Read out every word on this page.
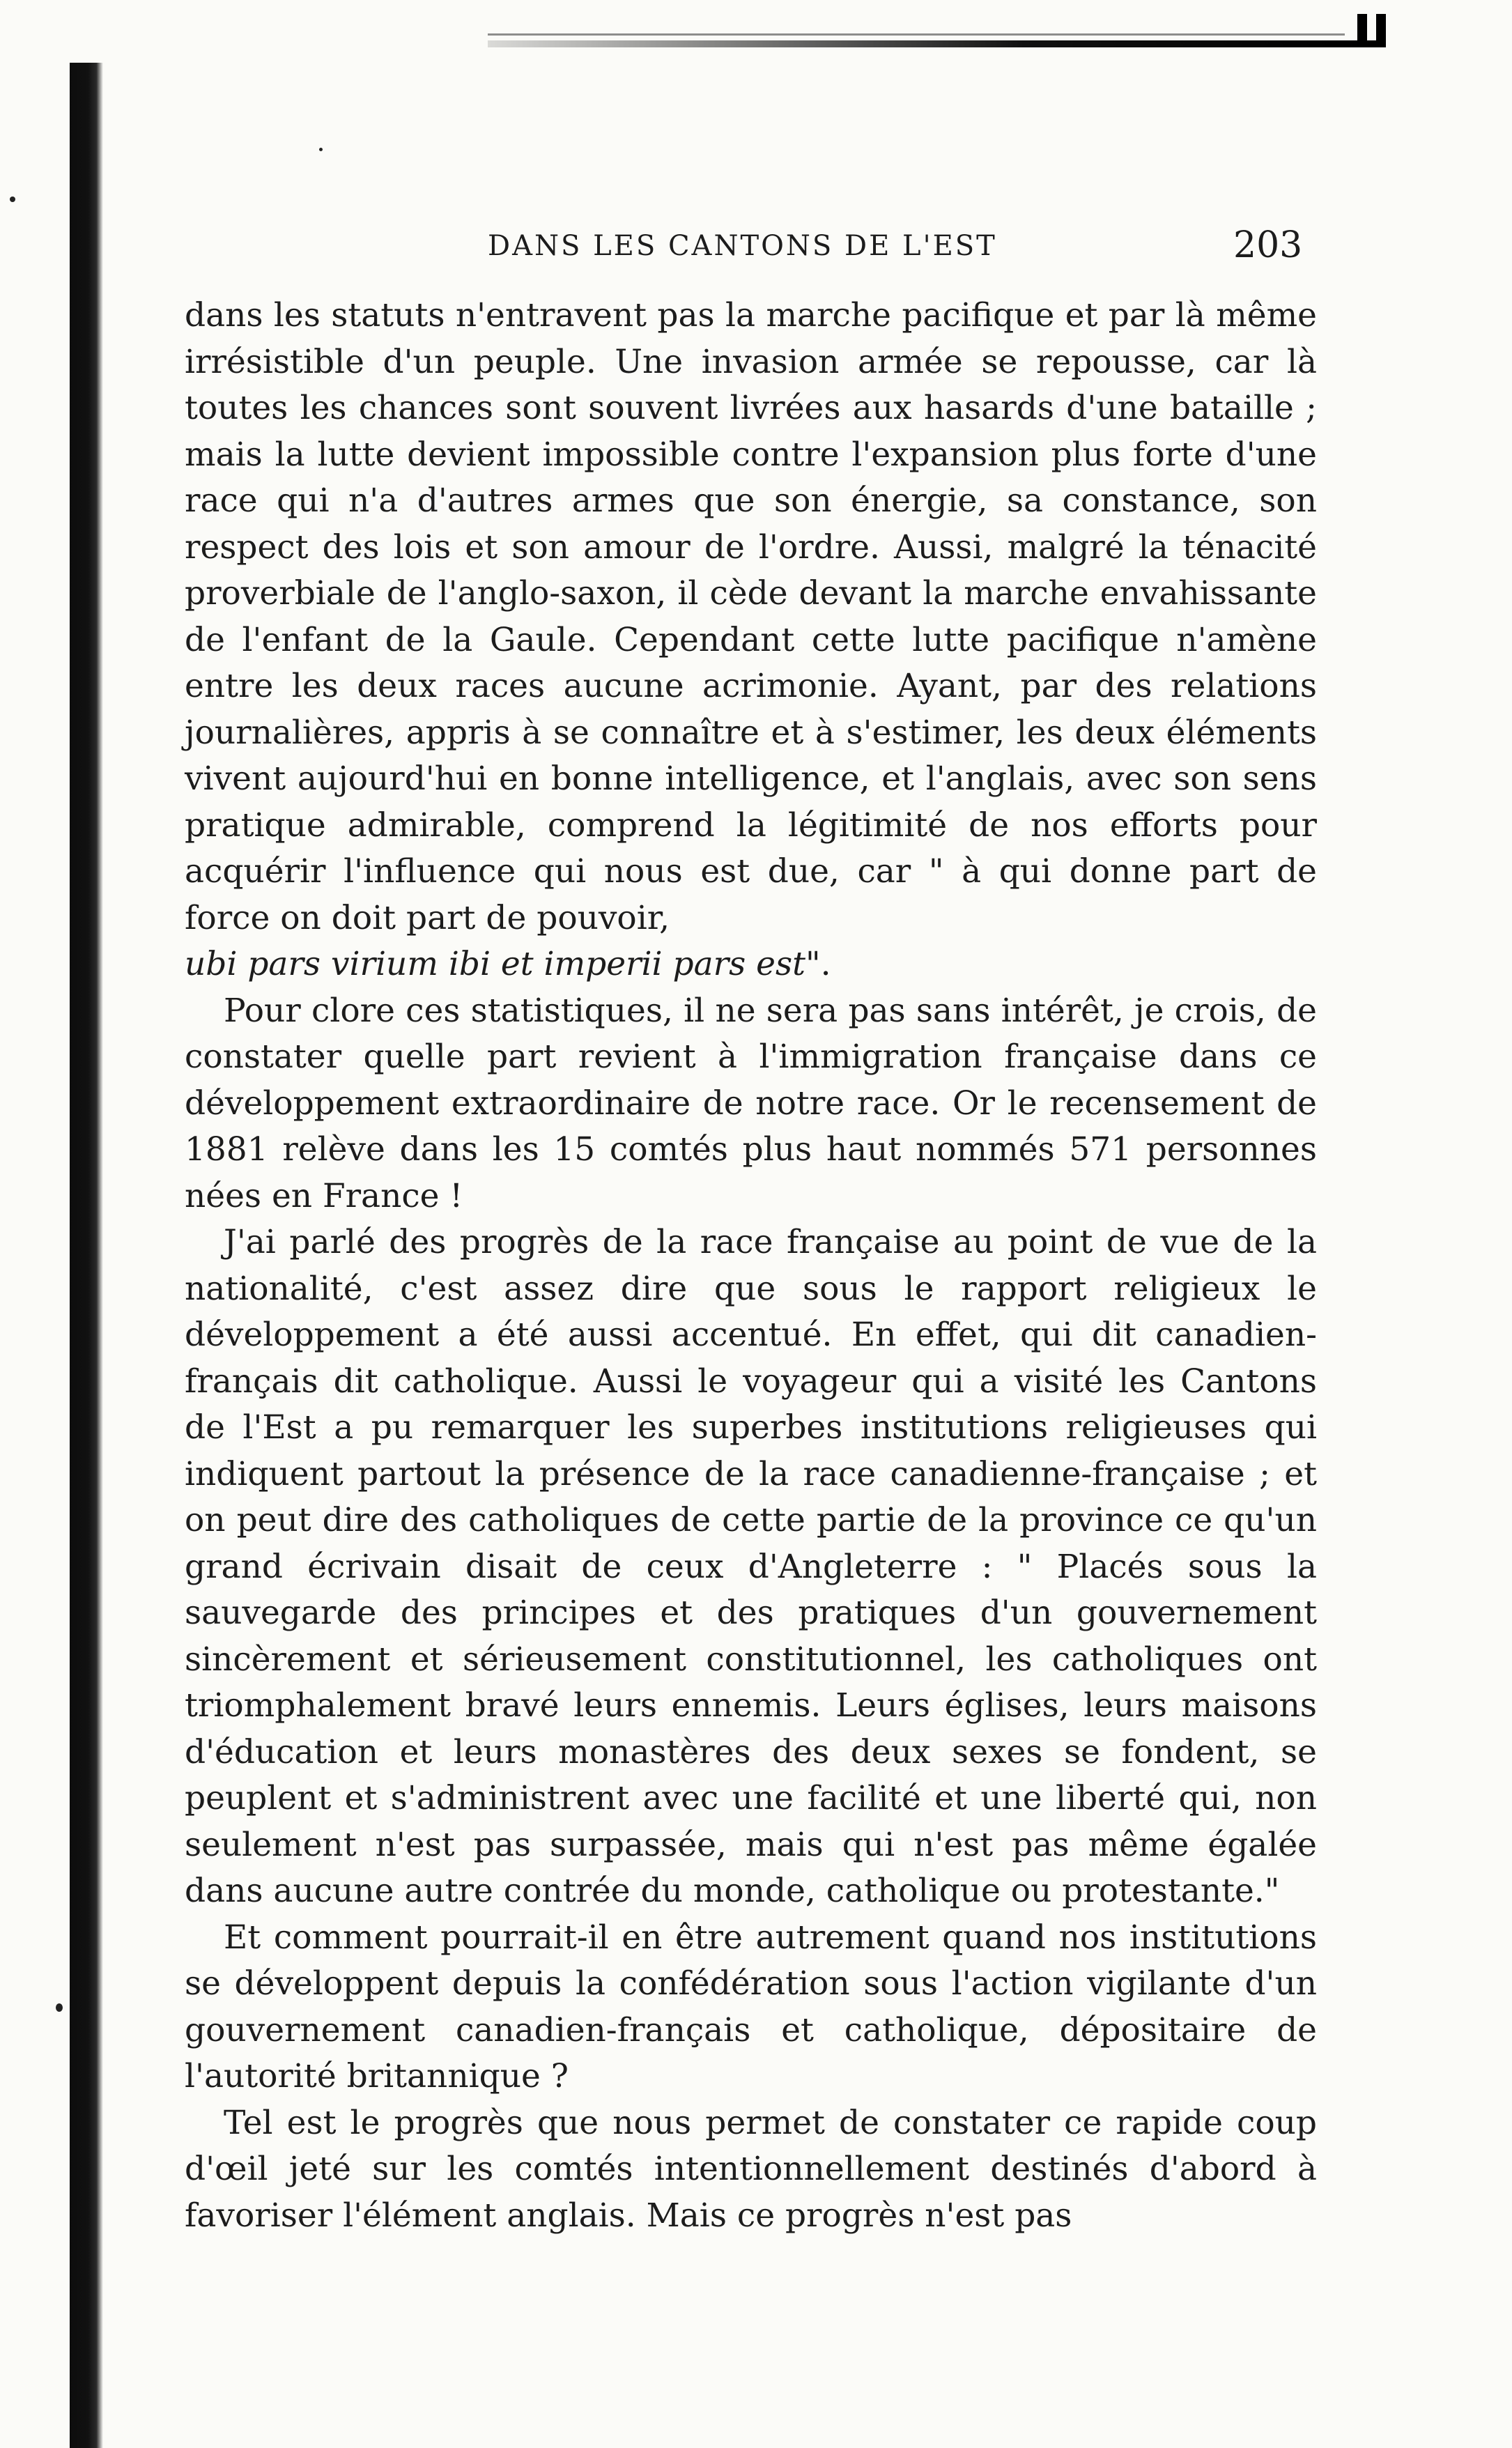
DANS LES CANTONS DE L'EST	203

dans les statuts n'entravent pas la marche pacifique et par là même irrésistible d'un peuple. Une invasion armée se repousse, car là toutes les chances sont souvent livrées aux hasards d'une bataille ; mais la lutte devient impossible contre l'expansion plus forte d'une race qui n'a d'autres armes que son énergie, sa constance, son respect des lois et son amour de l'ordre. Aussi, malgré la ténacité proverbiale de l'anglo-saxon, il cède devant la marche envahissante de l'enfant de la Gaule. Cependant cette lutte pacifique n'amène entre les deux races aucune acrimonie. Ayant, par des relations journalières, appris à se connaître et à s'estimer, les deux éléments vivent aujourd'hui en bonne intelligence, et l'anglais, avec son sens pratique admirable, comprend la légitimité de nos efforts pour acquérir l'influence qui nous est due, car " à qui donne part de force on doit part de pouvoir,
ubi pars virium ibi et imperii pars est".

Pour clore ces statistiques, il ne sera pas sans intérêt, je crois, de constater quelle part revient à l'immigration française dans ce développement extraordinaire de notre race. Or le recensement de 1881 relève dans les 15 comtés plus haut nommés 571 personnes nées en France !

J'ai parlé des progrès de la race française au point de vue de la nationalité, c'est assez dire que sous le rapport religieux le développement a été aussi accentué. En effet, qui dit canadien-français dit catholique. Aussi le voyageur qui a visité les Cantons de l'Est a pu remarquer les superbes institutions religieuses qui indiquent partout la présence de la race canadienne-française ; et on peut dire des catholiques de cette partie de la province ce qu'un grand écrivain disait de ceux d'Angleterre : " Placés sous la sauvegarde des principes et des pratiques d'un gouvernement sincèrement et sérieusement constitutionnel, les catholiques ont triomphalement bravé leurs ennemis. Leurs églises, leurs maisons d'éducation et leurs monastères des deux sexes se fondent, se peuplent et s'administrent avec une facilité et une liberté qui, non seulement n'est pas surpassée, mais qui n'est pas même égalée dans aucune autre contrée du monde, catholique ou protestante."

Et comment pourrait-il en être autrement quand nos institutions se développent depuis la confédération sous l'action vigilante d'un gouvernement canadien-français et catholique, dépositaire de l'autorité britannique ?

Tel est le progrès que nous permet de constater ce rapide coup d'œil jeté sur les comtés intentionnellement destinés d'abord à favoriser l'élément anglais. Mais ce progrès n'est pas
